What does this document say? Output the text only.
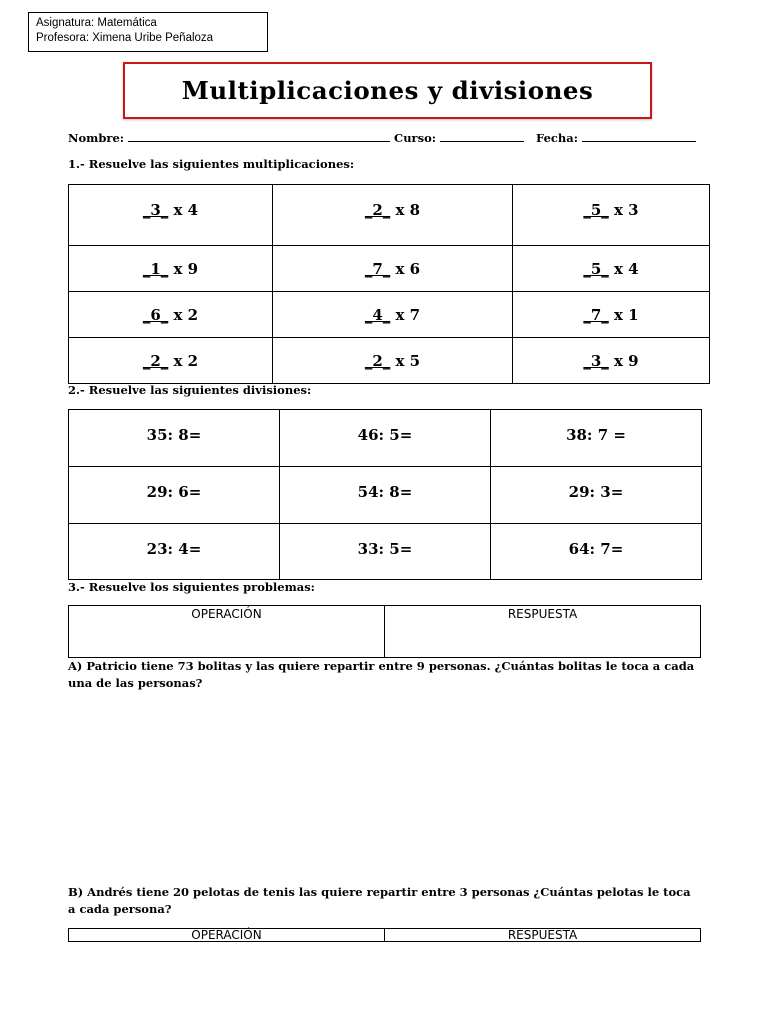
Asignatura: Matemática
Profesora: Ximena Uribe Peñaloza
Multiplicaciones y divisiones
Nombre:	Curso:	Fecha:
1.- Resuelve las siguientes multiplicaciones:
_3_ x 4	_2_ x 8	_5_ x 3
_1_ x 9	_7_ x 6	_5_ x 4
_6_ x 2	_4_ x 7	_7_ x 1
_2_ x 2	_2_ x 5	_3_ x 9
2.- Resuelve las siguientes divisiones:
35: 8=	46: 5=	38: 7 =
29: 6=	54: 8=	29: 3=
23: 4=	33: 5=	64: 7=
3.- Resuelve los siguientes problemas:
OPERACIÓN	RESPUESTA
A) Patricio tiene 73 bolitas y las quiere repartir entre 9 personas. ¿Cuántas bolitas le toca a cada una de las personas?
B) Andrés tiene 20 pelotas de tenis las quiere repartir entre 3 personas ¿Cuántas pelotas le toca a cada persona?
OPERACIÓN	RESPUESTA
